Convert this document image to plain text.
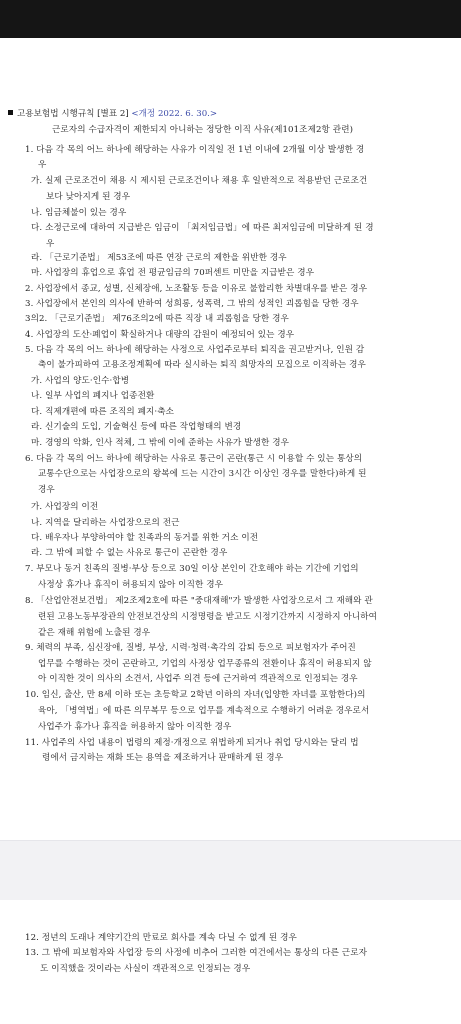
고용보험법 시행규칙 [별표 2] <개정 2022. 6. 30.>
근로자의 수급자격이 제한되지 아니하는 정당한 이직 사유(제101조제2항 관련)
1. 다음 각 목의 어느 하나에 해당하는 사유가 이직일 전 1년 이내에 2개월 이상 발생한 경
우
가. 실제 근로조건이 채용 시 제시된 근로조건이나 채용 후 일반적으로 적용받던 근로조건
보다 낮아지게 된 경우
나. 임금체불이 있는 경우
다. 소정근로에 대하여 지급받은 임금이 「최저임금법」에 따른 최저임금에 미달하게 된 경
우
라. 「근로기준법」 제53조에 따른 연장 근로의 제한을 위반한 경우
마. 사업장의 휴업으로 휴업 전 평균임금의 70퍼센트 미만을 지급받은 경우
2. 사업장에서 종교, 성별, 신체장애, 노조활동 등을 이유로 불합리한 차별대우를 받은 경우
3. 사업장에서 본인의 의사에 반하여 성희롱, 성폭력, 그 밖의 성적인 괴롭힘을 당한 경우
3의2. 「근로기준법」 제76조의2에 따른 직장 내 괴롭힘을 당한 경우
4. 사업장의 도산·폐업이 확실하거나 대량의 감원이 예정되어 있는 경우
5. 다음 각 목의 어느 하나에 해당하는 사정으로 사업주로부터 퇴직을 권고받거나, 인원 감
축이 불가피하여 고용조정계획에 따라 실시하는 퇴직 희망자의 모집으로 이직하는 경우
가. 사업의 양도·인수·합병
나. 일부 사업의 폐지나 업종전환
다. 직제개편에 따른 조직의 폐지·축소
라. 신기술의 도입, 기술혁신 등에 따른 작업형태의 변경
마. 경영의 악화, 인사 적체, 그 밖에 이에 준하는 사유가 발생한 경우
6. 다음 각 목의 어느 하나에 해당하는 사유로 통근이 곤란(통근 시 이용할 수 있는 통상의
교통수단으로는 사업장으로의 왕복에 드는 시간이 3시간 이상인 경우를 말한다)하게 된
경우
가. 사업장의 이전
나. 지역을 달리하는 사업장으로의 전근
다. 배우자나 부양하여야 할 친족과의 동거를 위한 거소 이전
라. 그 밖에 피할 수 없는 사유로 통근이 곤란한 경우
7. 부모나 동거 친족의 질병·부상 등으로 30일 이상 본인이 간호해야 하는 기간에 기업의
사정상 휴가나 휴직이 허용되지 않아 이직한 경우
8. 「산업안전보건법」 제2조제2호에 따른 "중대재해"가 발생한 사업장으로서 그 재해와 관
련된 고용노동부장관의 안전보건상의 시정명령을 받고도 시정기간까지 시정하지 아니하여
같은 재해 위험에 노출된 경우
9. 체력의 부족, 심신장애, 질병, 부상, 시력·청력·촉각의 감퇴 등으로 피보험자가 주어진
업무를 수행하는 것이 곤란하고, 기업의 사정상 업무종류의 전환이나 휴직이 허용되지 않
아 이직한 것이 의사의 소견서, 사업주 의견 등에 근거하여 객관적으로 인정되는 경우
10. 임신, 출산, 만 8세 이하 또는 초등학교 2학년 이하의 자녀(입양한 자녀를 포함한다)의
육아, 「병역법」에 따른 의무복무 등으로 업무를 계속적으로 수행하기 어려운 경우로서
사업주가 휴가나 휴직을 허용하지 않아 이직한 경우
11. 사업주의 사업 내용이 법령의 제정·개정으로 위법하게 되거나 취업 당시와는 달리 법
령에서 금지하는 재화 또는 용역을 제조하거나 판매하게 된 경우
12. 정년의 도래나 계약기간의 만료로 회사를 계속 다닐 수 없게 된 경우
13. 그 밖에 피보험자와 사업장 등의 사정에 비추어 그러한 여건에서는 통상의 다른 근로자
도 이직했을 것이라는 사실이 객관적으로 인정되는 경우
